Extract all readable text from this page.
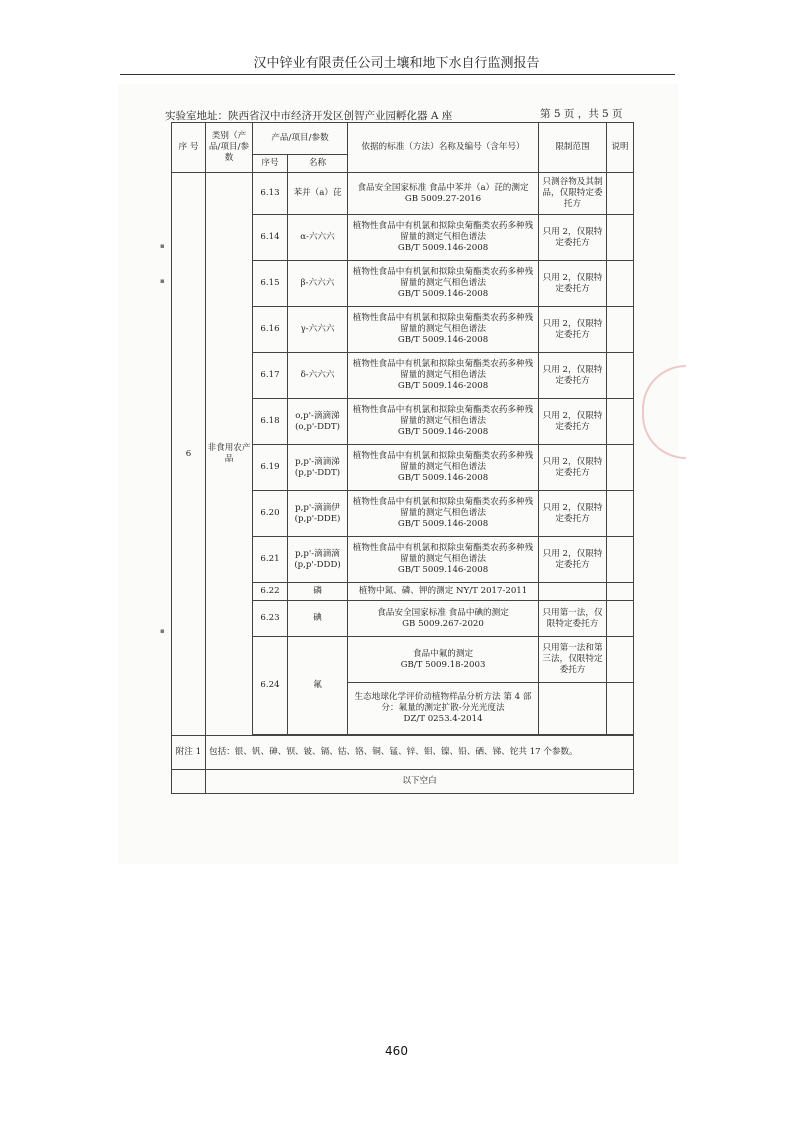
汉中锌业有限责任公司土壤和地下水自行监测报告
▪
▪
▪
实验室地址：陕西省汉中市经济开发区创智产业园孵化器 A 座	第 5 页 ，共 5 页
序 号	类别（产品/项目/参数	产品/项目/参数		依据的标准（方法）名称及编号（含年号）	限制范围	说明
		序号	名称			
6	非食用农产品	6.13	苯并（a）芘	食品安全国家标准 食品中苯并（a）芘的测定
GB 5009.27-2016	只测谷物及其制品，仅限特定委托方	
		6.14	α-六六六	植物性食品中有机氯和拟除虫菊酯类农药多种残留量的测定气相色谱法
GB/T 5009.146-2008	只用 2，仅限特定委托方	
		6.15	β-六六六	植物性食品中有机氯和拟除虫菊酯类农药多种残留量的测定气相色谱法
GB/T 5009.146-2008	只用 2，仅限特定委托方	
		6.16	γ-六六六	植物性食品中有机氯和拟除虫菊酯类农药多种残留量的测定气相色谱法
GB/T 5009.146-2008	只用 2，仅限特定委托方	
		6.17	δ-六六六	植物性食品中有机氯和拟除虫菊酯类农药多种残留量的测定气相色谱法
GB/T 5009.146-2008	只用 2，仅限特定委托方	
		6.18	o,p'-滴滴涕 (o,p'-DDT)	植物性食品中有机氯和拟除虫菊酯类农药多种残留量的测定气相色谱法
GB/T 5009.146-2008	只用 2，仅限特定委托方	
		6.19	p,p'-滴滴涕 (p,p'-DDT)	植物性食品中有机氯和拟除虫菊酯类农药多种残留量的测定气相色谱法
GB/T 5009.146-2008	只用 2，仅限特定委托方	
		6.20	p,p'-滴滴伊 (p,p'-DDE)	植物性食品中有机氯和拟除虫菊酯类农药多种残留量的测定气相色谱法
GB/T 5009.146-2008	只用 2，仅限特定委托方	
		6.21	p,p'-滴滴滴 (p,p'-DDD)	植物性食品中有机氯和拟除虫菊酯类农药多种残留量的测定气相色谱法
GB/T 5009.146-2008	只用 2，仅限特定委托方	
		6.22	磷	植物中氮、磷、钾的测定 NY/T 2017-2011		
		6.23	碘	食品安全国家标准 食品中碘的测定
GB 5009.267-2020	只用第一法，仅限特定委托方	
		6.24	氟	食品中氟的测定
GB/T 5009.18-2003	只用第一法和第三法，仅限特定委托方	

				生态地球化学评价动植物样品分析方法 第 4 部分：氟量的测定扩散-分光光度法
DZ/T 0253.4-2014		

附注 1	包括：银、钒、砷、钡、铍、镉、钴、铬、铜、锰、锌、钼、镍、铅、硒、锑、铊共 17 个参数。					
	以下空白					
460
